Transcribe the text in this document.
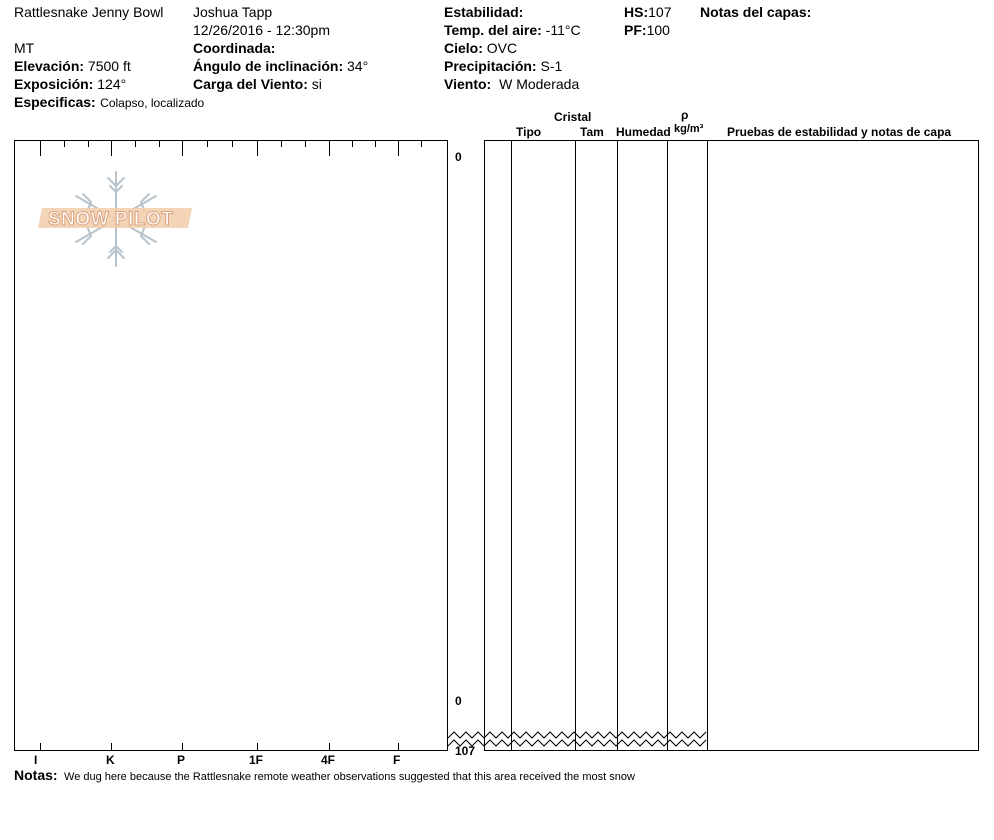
Rattlesnake Jenny Bowl Joshua Tapp
12/26/2016 - 12:30pm
MT
Elevación: 7500 ft
Exposición: 124°
Especificas: Colapso, localizado
Coordinada:
Ángulo de inclinación: 34°
Carga del Viento: si
Estabilidad:
Temp. del aire: -11°C
Cielo: OVC
Precipitación: S-1
Viento: W Moderada
HS:107
PF:100
Notas del capas:
SNOW PILOT
I	K	P	1F	4F	F
0
0
107
Cristal
Tipo	Tam Humedad
ρ
kg/m³ Pruebas de estabilidad y notas de capa
Notas: We dug here because the Rattlesnake remote weather observations suggested that this area received the most snow
